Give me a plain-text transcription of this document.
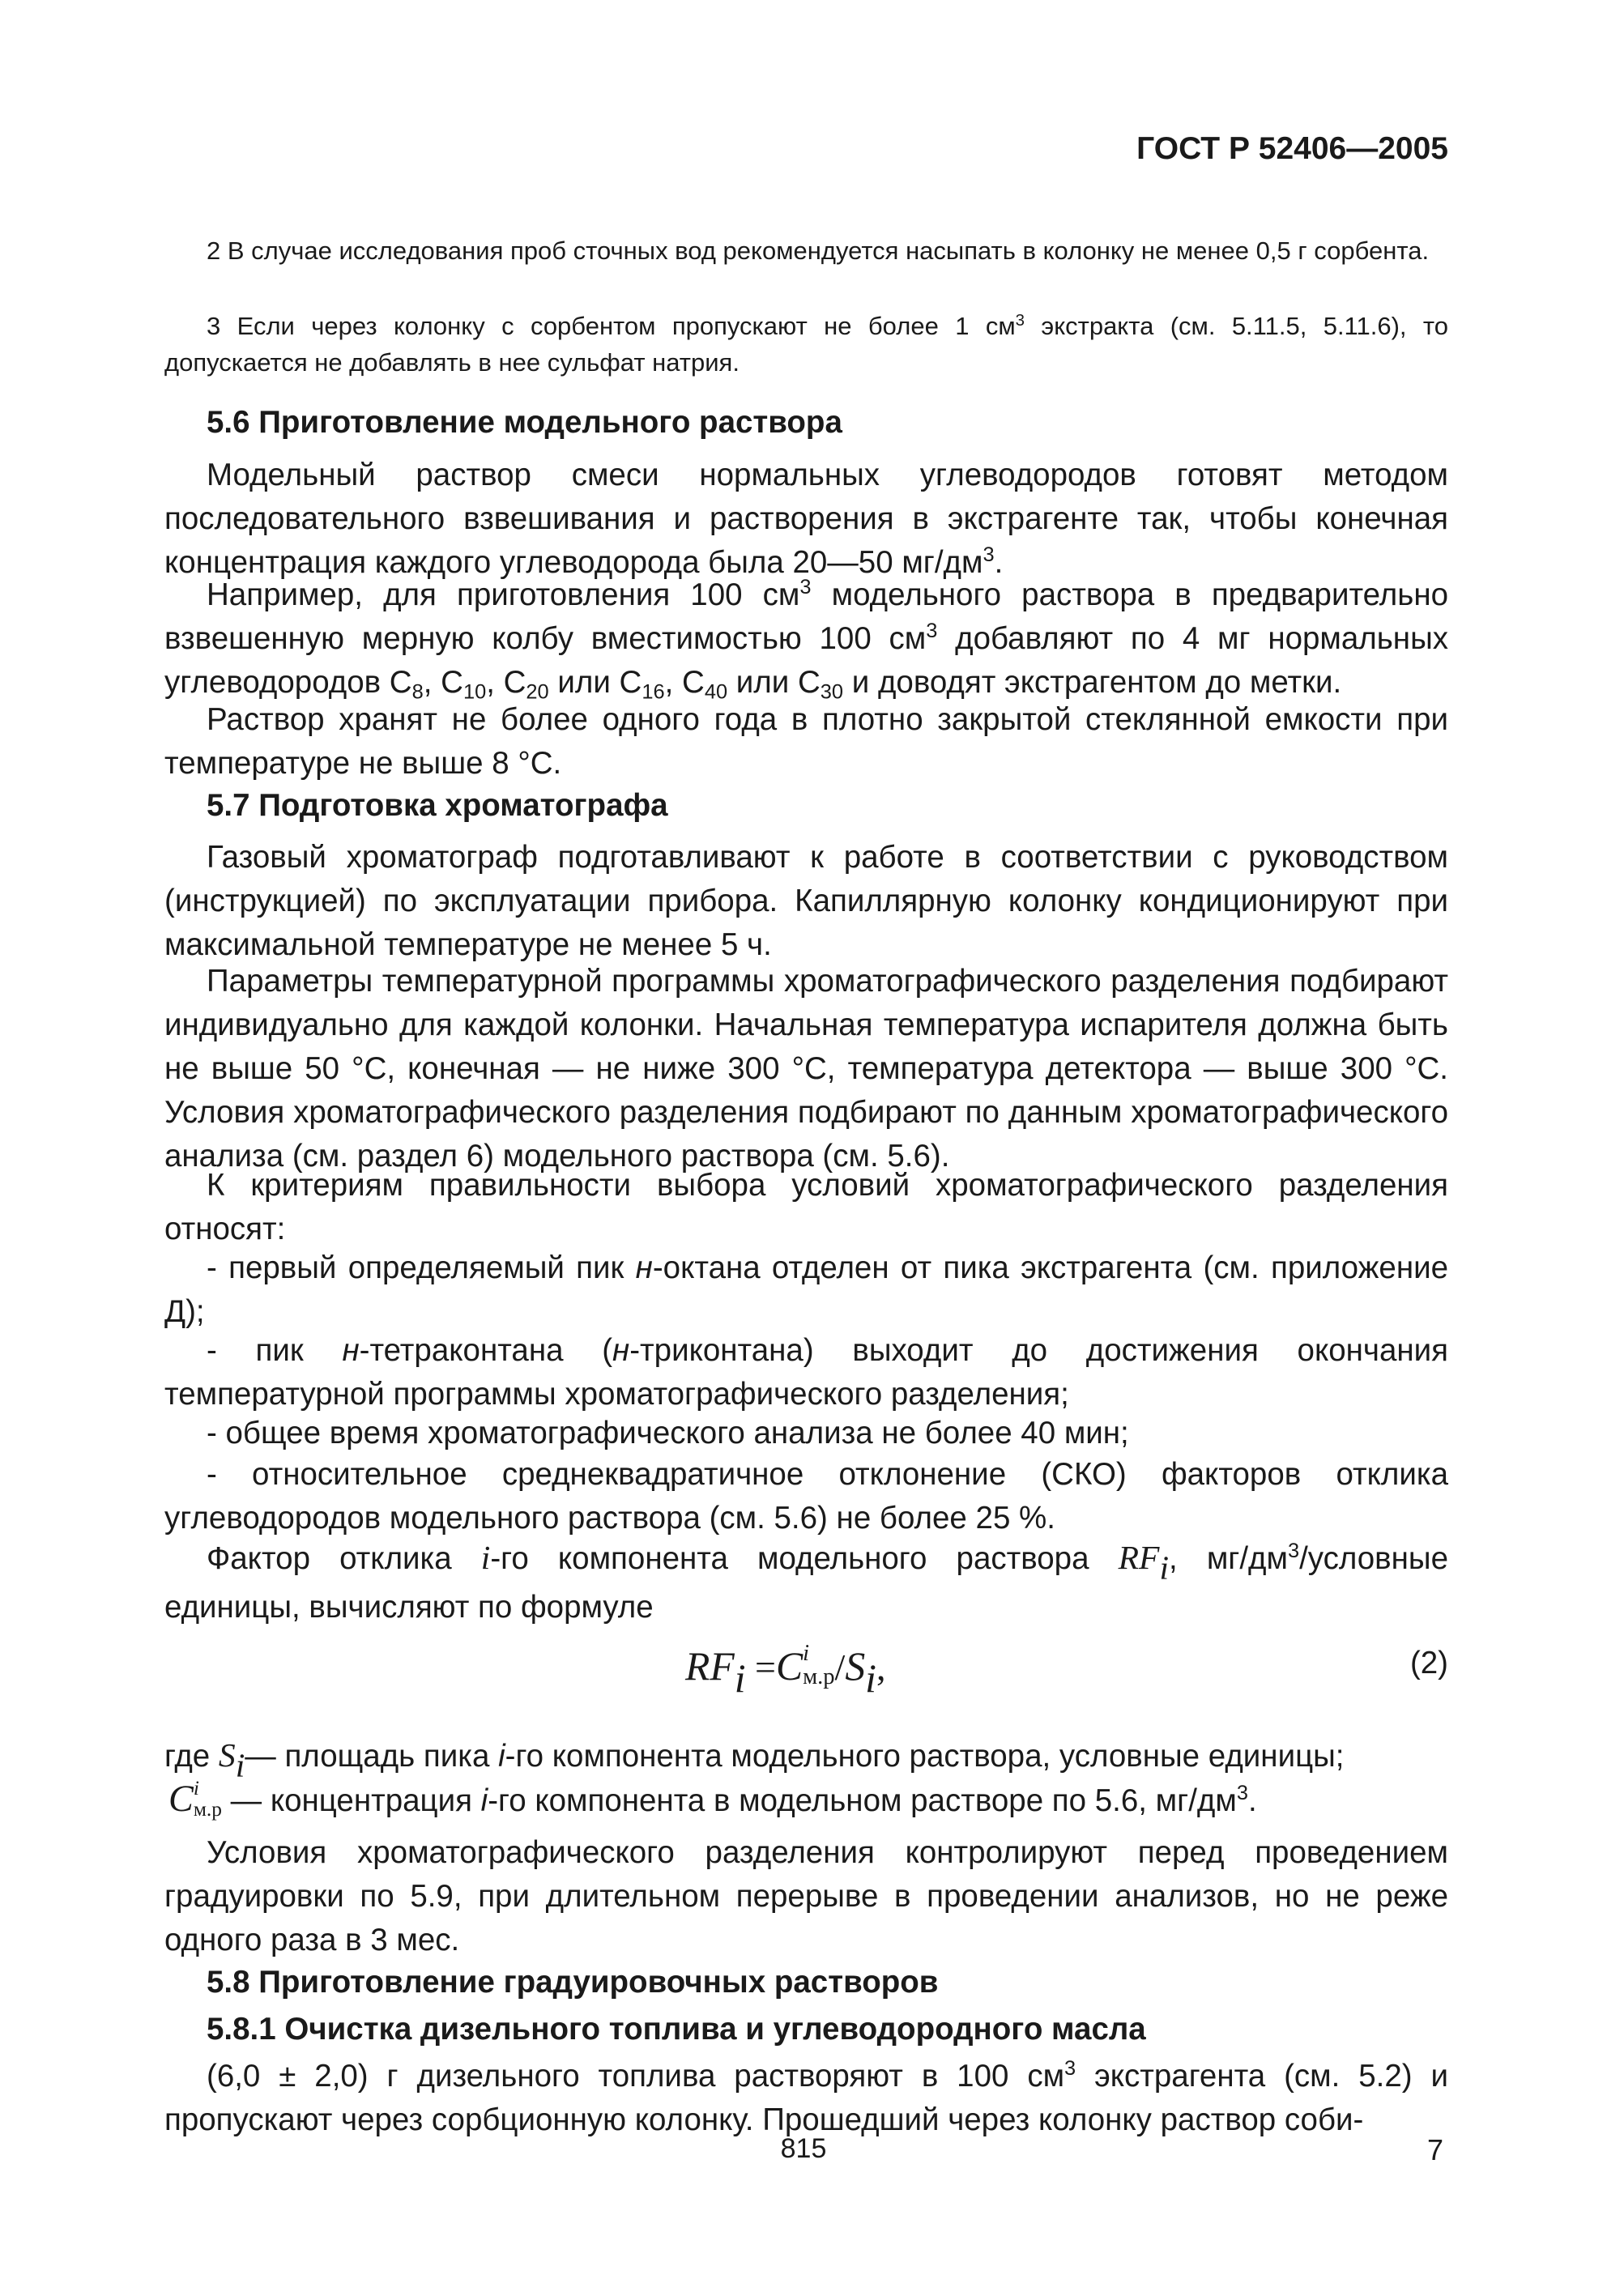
ГОСТ Р 52406—2005
2 В случае исследования проб сточных вод рекомендуется насыпать в колонку не менее 0,5 г сорбента.
3 Если через колонку с сорбентом пропускают не более 1 $см^3$ экстракта (см. 5.11.5, 5.11.6), то допускается не добавлять в нее сульфат натрия.
5.6 Приготовление модельного раствора
Модельный раствор смеси нормальных углеводородов готовят методом последовательного взвешивания и растворения в экстрагенте так, чтобы конечная концентрация каждого углеводорода была 20—50 $мг/дм^3$.
Например, для приготовления 100 $см^3$ модельного раствора в предварительно взвешенную мерную колбу вместимостью 100 $см^3$ добавляют по 4 мг нормальных углеводородов $С_8$, $С_{10}$, $С_{20}$ или $С_{16}$, $С_{40}$ или $С_{30}$ и доводят экстрагентом до метки.
Раствор хранят не более одного года в плотно закрытой стеклянной емкости при температуре не выше 8 °С.
5.7 Подготовка хроматографа
Газовый хроматограф подготавливают к работе в соответствии с руководством (инструкцией) по эксплуатации прибора. Капиллярную колонку кондиционируют при максимальной температуре не менее 5 ч.
Параметры температурной программы хроматографического разделения подбирают индивидуально для каждой колонки. Начальная температура испарителя должна быть не выше 50 °С, конечная — не ниже 300 °С, температура детектора — выше 300 °С. Условия хроматографического разделения подбирают по данным хроматографического анализа (см. раздел 6) модельного раствора (см. 5.6).
К критериям правильности выбора условий хроматографического разделения относят:
- первый определяемый пик н-октана отделен от пика экстрагента (см. приложение Д);
- пик н-тетраконтана (н-триконтана) выходит до достижения окончания температурной программы хроматографического разделения;
- общее время хроматографического анализа не более 40 мин;
- относительное среднеквадратичное отклонение (СКО) факторов отклика углеводородов модельного раствора (см. 5.6) не более 25 %.
Фактор отклика i-го компонента модельного раствора $RF_i$, $мг/дм^3$/условные единицы, вычисляют по формуле
$RF_i =C$ i
м.р $/S_i$,	(2)
где $S_i—$ площадь пика i-го компонента модельного раствора, условные единицы;
C i
м.р — концентрация i-го компонента в модельном растворе по 5.6, $мг/дм^3$.
Условия хроматографического разделения контролируют перед проведением градуировки по 5.9, при длительном перерыве в проведении анализов, но не реже одного раза в 3 мес.
5.8 Приготовление градуировочных растворов
5.8.1 Очистка дизельного топлива и углеводородного масла
(6,0 ± 2,0) г дизельного топлива растворяют в 100 $см^3$ экстрагента (см. 5.2) и пропускают через сорбционную колонку. Прошедший через колонку раствор соби-
815	7
